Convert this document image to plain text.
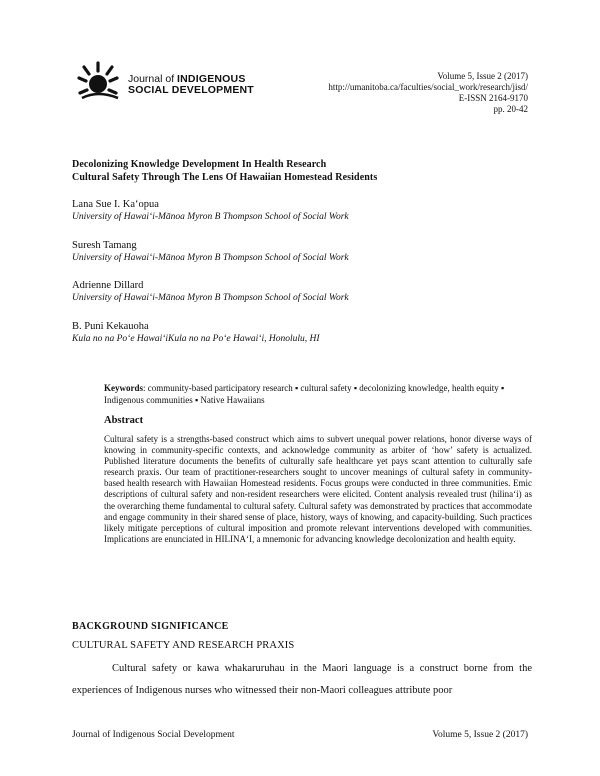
Journal of INDIGENOUS
SOCIAL DEVELOPMENT
Volume 5, Issue 2 (2017)
http://umanitoba.ca/faculties/social_work/research/jisd/
E-ISSN 2164-9170
pp. 20-42
Decolonizing Knowledge Development In Health Research
Cultural Safety Through The Lens Of Hawaiian Homestead Residents
Lana Sue I. Ka‘opua
University of Hawai‘i-Mānoa Myron B Thompson School of Social Work
Suresh Tamang
University of Hawai‘i-Mānoa Myron B Thompson School of Social Work
Adrienne Dillard
University of Hawai‘i-Mānoa Myron B Thompson School of Social Work
B. Puni Kekauoha
Kula no na Po‘e Hawai‘iKula no na Po‘e Hawai‘i, Honolulu, HI
Keywords: community-based participatory research ▪ cultural safety ▪ decolonizing knowledge, health equity ▪ Indigenous communities ▪ Native Hawaiians
Abstract
Cultural safety is a strengths-based construct which aims to subvert unequal power relations, honor diverse ways of knowing in community-specific contexts, and acknowledge community as arbiter of ‘how’ safety is actualized. Published literature documents the benefits of culturally safe healthcare yet pays scant attention to culturally safe research praxis. Our team of practitioner-researchers sought to uncover meanings of cultural safety in community-based health research with Hawaiian Homestead residents. Focus groups were conducted in three communities. Emic descriptions of cultural safety and non-resident researchers were elicited. Content analysis revealed trust (hilina‘i) as the overarching theme fundamental to cultural safety. Cultural safety was demonstrated by practices that accommodate and engage community in their shared sense of place, history, ways of knowing, and capacity-building. Such practices likely mitigate perceptions of cultural imposition and promote relevant interventions developed with communities. Implications are enunciated in HILINA‘I, a mnemonic for advancing knowledge decolonization and health equity.
BACKGROUND SIGNIFICANCE
CULTURAL SAFETY AND RESEARCH PRAXIS
Cultural safety or kawa whakaruruhau in the Maori language is a construct borne from the experiences of Indigenous nurses who witnessed their non-Maori colleagues attribute poor
Journal of Indigenous Social Development	Volume 5, Issue 2 (2017)
